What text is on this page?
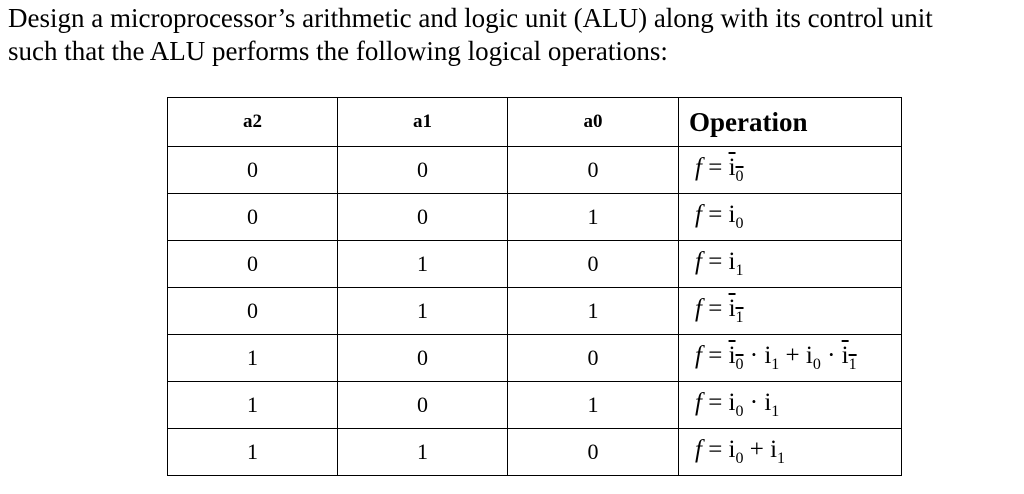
Design a microprocessor’s arithmetic and logic unit (ALU) along with its control unit
such that the ALU performs the following logical operations:
a2	a1	a0	Operation
0	0	0	$f = i_0$
0	0	1	$f = i_0$
0	1	0	$f = i_1$
0	1	1	$f = i_1$
1	0	0	$f = i_0 \cdot i_1 + i_0 \cdot i_1$
1	0	1	$f = i_0 \cdot i_1$
1	1	0	$f = i_0 + i_1$
